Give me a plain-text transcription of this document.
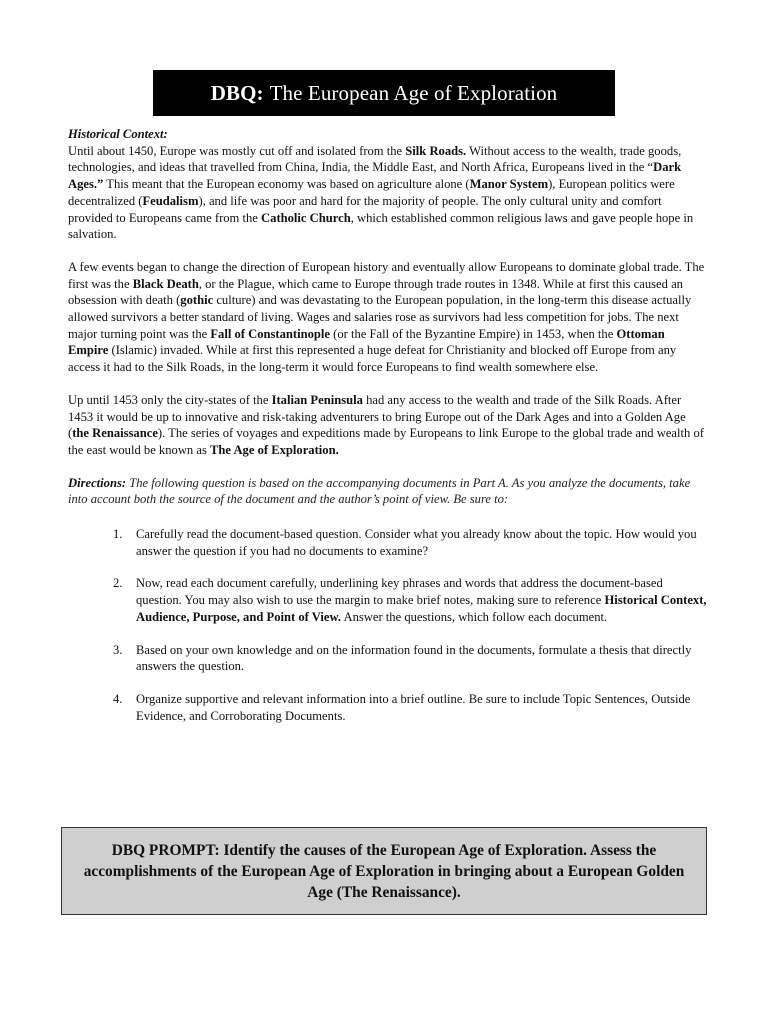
DBQ: The European Age of Exploration

Historical Context:
Until about 1450, Europe was mostly cut off and isolated from the Silk Roads. Without access to the wealth, trade goods, technologies, and ideas that travelled from China, India, the Middle East, and North Africa, Europeans lived in the “Dark Ages.” This meant that the European economy was based on agriculture alone (Manor System), European politics were decentralized (Feudalism), and life was poor and hard for the majority of people. The only cultural unity and comfort provided to Europeans came from the Catholic Church, which established common religious laws and gave people hope in salvation.

A few events began to change the direction of European history and eventually allow Europeans to dominate global trade. The first was the Black Death, or the Plague, which came to Europe through trade routes in 1348. While at first this caused an obsession with death (gothic culture) and was devastating to the European population, in the long-term this disease actually allowed survivors a better standard of living. Wages and salaries rose as survivors had less competition for jobs. The next major turning point was the Fall of Constantinople (or the Fall of the Byzantine Empire) in 1453, when the Ottoman Empire (Islamic) invaded. While at first this represented a huge defeat for Christianity and blocked off Europe from any access it had to the Silk Roads, in the long-term it would force Europeans to find wealth somewhere else.

Up until 1453 only the city-states of the Italian Peninsula had any access to the wealth and trade of the Silk Roads. After 1453 it would be up to innovative and risk-taking adventurers to bring Europe out of the Dark Ages and into a Golden Age (the Renaissance). The series of voyages and expeditions made by Europeans to link Europe to the global trade and wealth of the east would be known as The Age of Exploration.

Directions: The following question is based on the accompanying documents in Part A. As you analyze the documents, take into account both the source of the document and the author’s point of view. Be sure to:

1.	Carefully read the document-based question. Consider what you already know about the topic. How would you answer the question if you had no documents to examine?
2.	Now, read each document carefully, underlining key phrases and words that address the document-based question. You may also wish to use the margin to make brief notes, making sure to reference Historical Context, Audience, Purpose, and Point of View. Answer the questions, which follow each document.
3.	Based on your own knowledge and on the information found in the documents, formulate a thesis that directly answers the question.
4.	Organize supportive and relevant information into a brief outline. Be sure to include Topic Sentences, Outside Evidence, and Corroborating Documents.
DBQ PROMPT: Identify the causes of the European Age of Exploration. Assess the accomplishments of the European Age of Exploration in bringing about a European Golden Age (The Renaissance).
